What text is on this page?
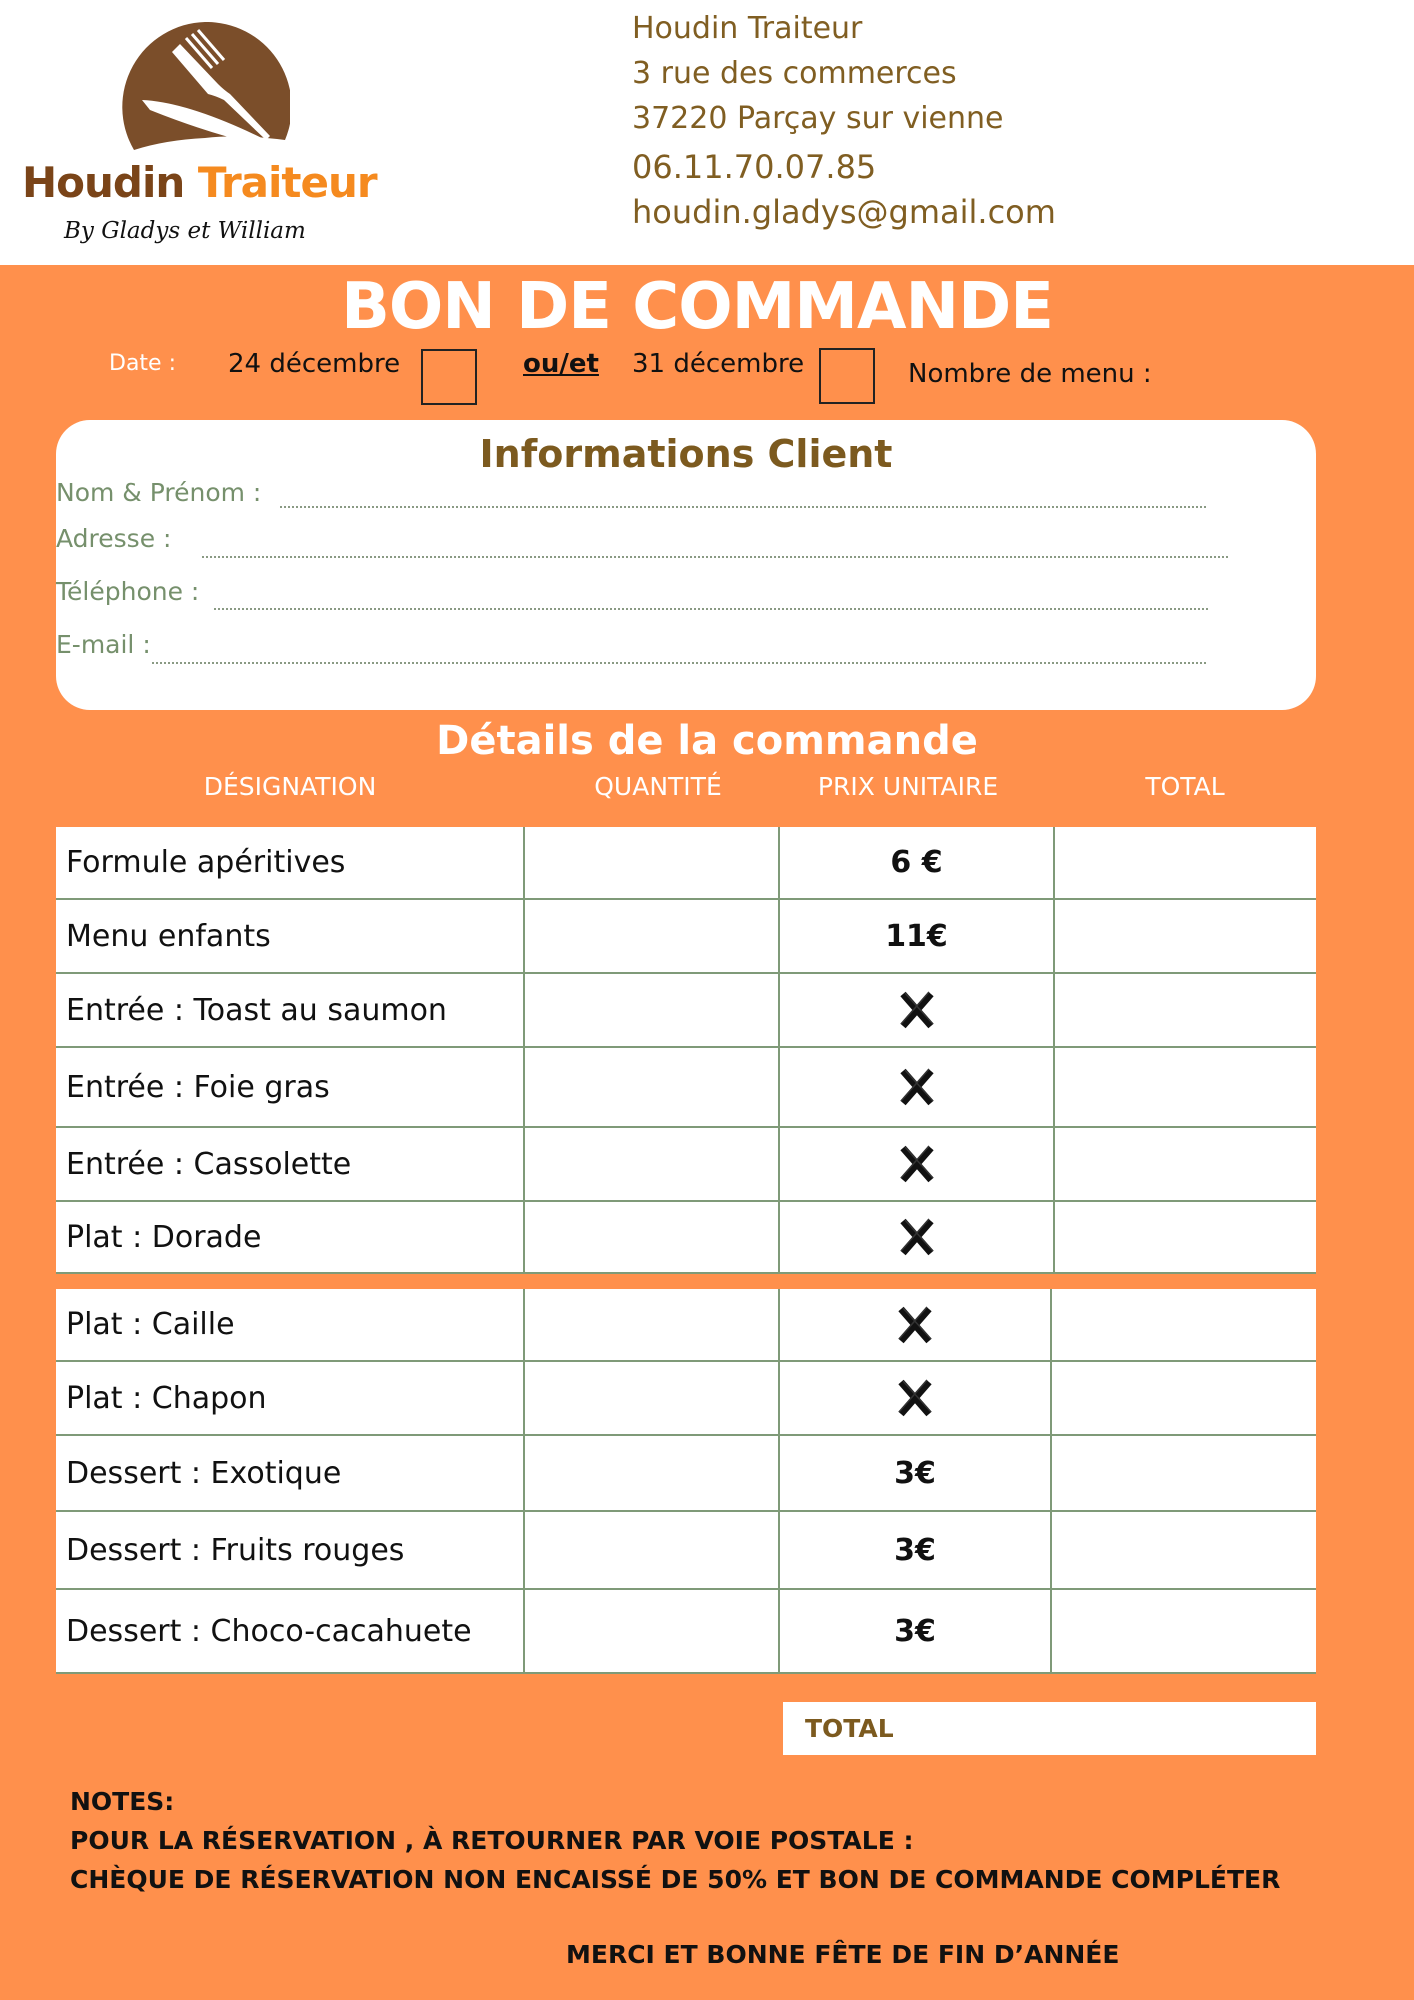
Houdin Traiteur
By Gladys et William
Houdin Traiteur
3 rue des commerces
37220 Parçay sur vienne
06.11.70.07.85
houdin.gladys@gmail.com
BON DE COMMANDE
Date : 24 décembre	ou/et 31 décembre	Nombre de menu :
Informations Client
Nom & Prénom :
Adresse :
Téléphone :
E-mail :
Détails de la commande
DÉSIGNATION	QUANTITÉ	PRIX UNITAIRE	TOTAL
Formule apéritives		6 €	
Menu enfants		11€	
Entrée : Toast au saumon			
Entrée : Foie gras			
Entrée : Cassolette			
Plat : Dorade			
Plat : Caille			
Plat : Chapon			
Dessert : Exotique		3€	
Dessert : Fruits rouges		3€	
Dessert : Choco-cacahuete		3€	
TOTAL
NOTES:
POUR LA RÉSERVATION , À RETOURNER PAR VOIE POSTALE :
CHÈQUE DE RÉSERVATION NON ENCAISSÉ DE 50% ET BON DE COMMANDE COMPLÉTER
MERCI ET BONNE FÊTE DE FIN D’ANNÉE
